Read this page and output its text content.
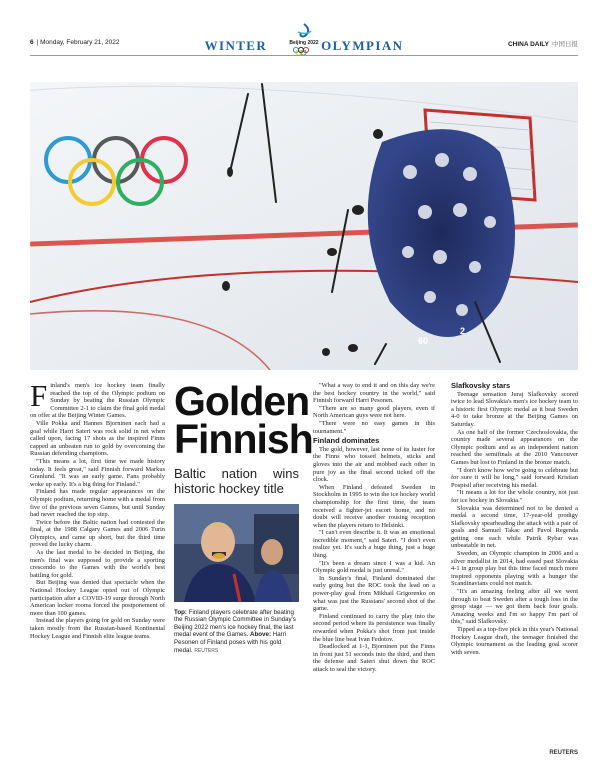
6 | Monday, February 21, 2022	WINTER	OLYMPIAN
Beijing 2022	CHINA DAILY 中国日报
60
2

Finland's men's ice hockey team finally reached the top of the Olympic podium on Sunday by beating the Russian Olympic Committee 2-1 to claim the final gold medal on offer at the Beijing Winter Games.

Ville Pokka and Hannes Bjorninen each had a goal while Harri Sateri was rock solid in net when called upon, facing 17 shots as the inspired Finns capped an unbeaten run to gold by overcoming the Russian defending champions.

"This means a lot, first time we made history today. It feels great," said Finnish forward Markus Granlund. "It was an early game. Fans probably woke up early. It's a big thing for Finland."

Finland has made regular appearances on the Olympic podium, returning home with a medal from five of the previous seven Games, but until Sunday had never reached the top step.

Twice before the Baltic nation had contested the final, at the 1988 Calgary Games and 2006 Turin Olympics, and came up short, but the third time proved the lucky charm.

As the last medal to be decided in Beijing, the men's final was supposed to provide a sporting crescendo to the Games with the world's best battling for gold.

But Beijing was denied that spectacle when the National Hockey League opted out of Olympic participation after a COVID-19 surge through North American locker rooms forced the postponement of more than 100 games.

Instead the players going for gold on Sunday were taken mostly from the Russian-based Kontinental Hockey League and Finnish elite league teams.

Golden
Finnish
Baltic nation wins historic hockey title
Top: Finland players celebrate after beating the Russian Olympic Committee in Sunday's Beijing 2022 men's ice hockey final, the last medal event of the Games. Above: Harri Pesonen of Finland poses with his gold medal. REUTERS

"What a way to end it and on this day we're the best hockey country in the world," said Finnish forward Harri Pesonen.

"There are so many good players, even if North American guys were not here.

"There were no easy games in this tournament."

Finland dominates

The gold, however, last none of its luster for the Finns who tossed helmets, sticks and gloves into the air and mobbed each other in pure joy as the final second ticked off the clock.

When Finland defeated Sweden in Stockholm in 1995 to win the ice hockey world championship for the first time, the team received a fighter-jet escort home, and no doubt will receive another rousing reception when the players return to Helsinki.

"I can't even describe it. It was an emotional incredible moment," said Sateri. "I don't even realize yet. It's such a huge thing, just a huge thing.

"It's been a dream since I was a kid. An Olympic gold medal is just unreal."

In Sunday's final, Finland dominated the early going but the ROC took the lead on a power-play goal from Mikhail Grigorenko on what was just the Russians' second shot of the game.

Finland continued to carry the play into the second period where its persistence was finally rewarded when Pokka's shot from just inside the blue line beat Ivan Fedotov.

Deadlocked at 1-1, Bjorninen put the Finns in front just 51 seconds into the third, and then the defense and Sateri shut down the ROC attack to seal the victory.

Slafkovsky stars

Teenage sensation Juraj Slafkovsky scored twice to lead Slovakia's men's ice hockey team to a historic first Olympic medal as it beat Sweden 4-0 to take bronze at the Beijing Games on Saturday.

As one half of the former Czechoslovakia, the country made several appearances on the Olympic podium and as an independent nation reached the semifinals at the 2010 Vancouver Games but lost to Finland in the bronze match.

"I don't know how we're going to celebrate but for sure it will be long," said forward Kristian Pospisil after receiving his medal.

"It means a lot for the whole country, not just for ice hockey in Slovakia."

Slovakia was determined not to be denied a medal a second time, 17-year-old prodigy Slafkovsky spearheading the attack with a pair of goals and Samuel Takac and Pavol Regenda getting one each while Patrik Rybar was unbeatable in net.

Sweden, an Olympic champion in 2006 and a silver medallist in 2014, had eased past Slovakia 4-1 in group play but this time faced much more inspired opponents playing with a hunger the Scandinavians could not match.

"It's an amazing feeling after all we went through to beat Sweden after a tough loss in the group stage — we got them back four goals. Amazing weeks and I'm so happy I'm part of this," said Slafkovsky.

Tipped as a top-five pick in this year's National Hockey League draft, the teenager finished the Olympic tournament as the leading goal scorer with seven.

REUTERS
